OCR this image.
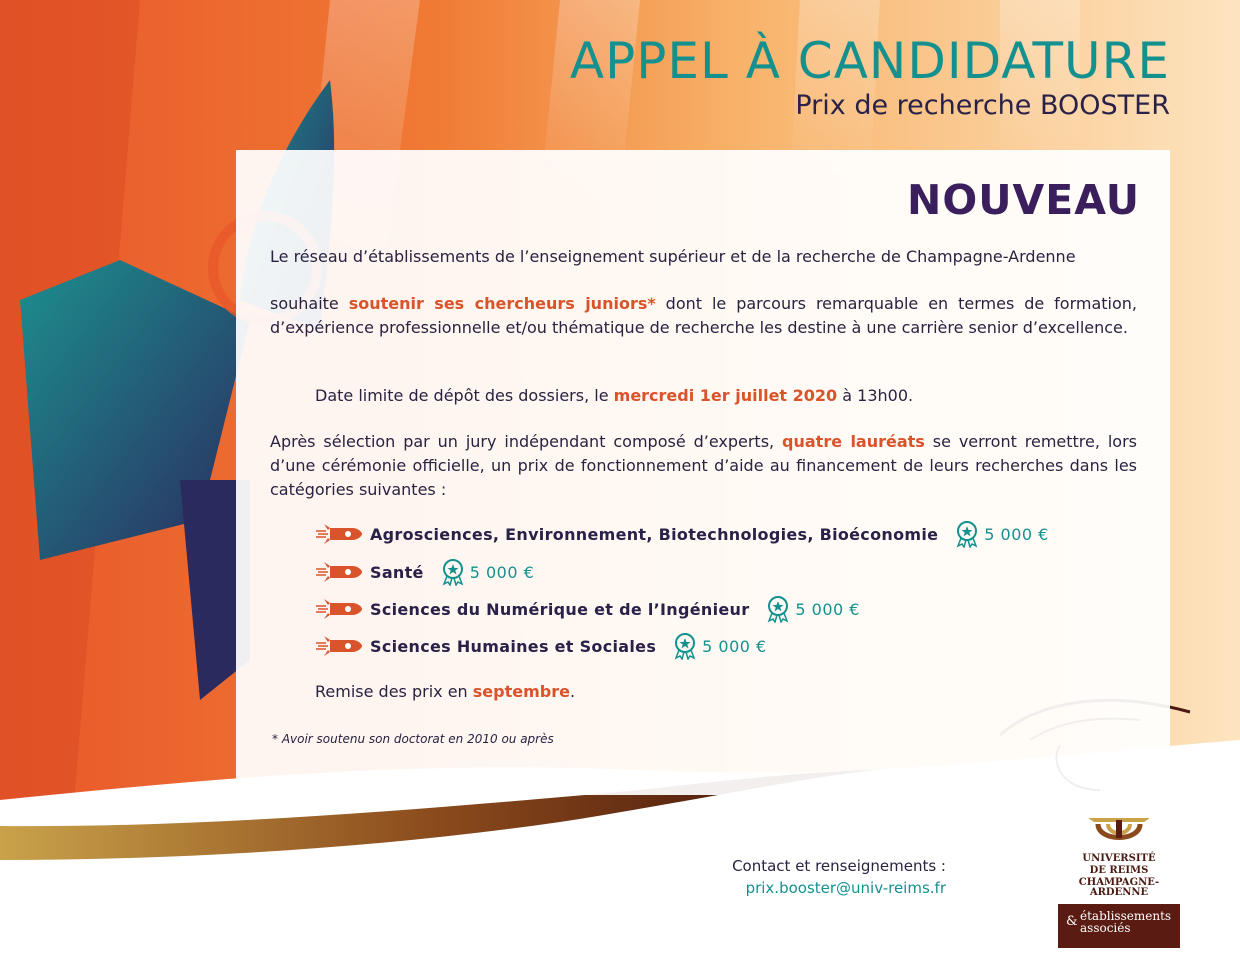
APPEL À CANDIDATURE
Prix de recherche BOOSTER
NOUVEAU
Le réseau d’établissements de l’enseignement supérieur et de la recherche de Champagne-Ardenne
souhaite soutenir ses chercheurs juniors* dont le parcours remarquable en termes de formation, d’expérience professionnelle et/ou thématique de recherche les destine à une carrière senior d’excellence.
Date limite de dépôt des dossiers, le mercredi 1er juillet 2020 à 13h00.
Après sélection par un jury indépendant composé d’experts, quatre lauréats se verront remettre, lors d’une cérémonie officielle, un prix de fonctionnement d’aide au financement de leurs recherches dans les catégories suivantes :
Agrosciences, Environnement, Biotechnologies, Bioéconomie	5 000 €
Santé	5 000 €
Sciences du Numérique et de l’Ingénieur	5 000 €
Sciences Humaines et Sociales	5 000 €
Remise des prix en septembre.
* Avoir soutenu son doctorat en 2010 ou après
Contact et renseignements :
prix.booster@univ-reims.fr
UNIVERSITÉ
DE REIMS
CHAMPAGNE-ARDENNE
& établissements
associés
